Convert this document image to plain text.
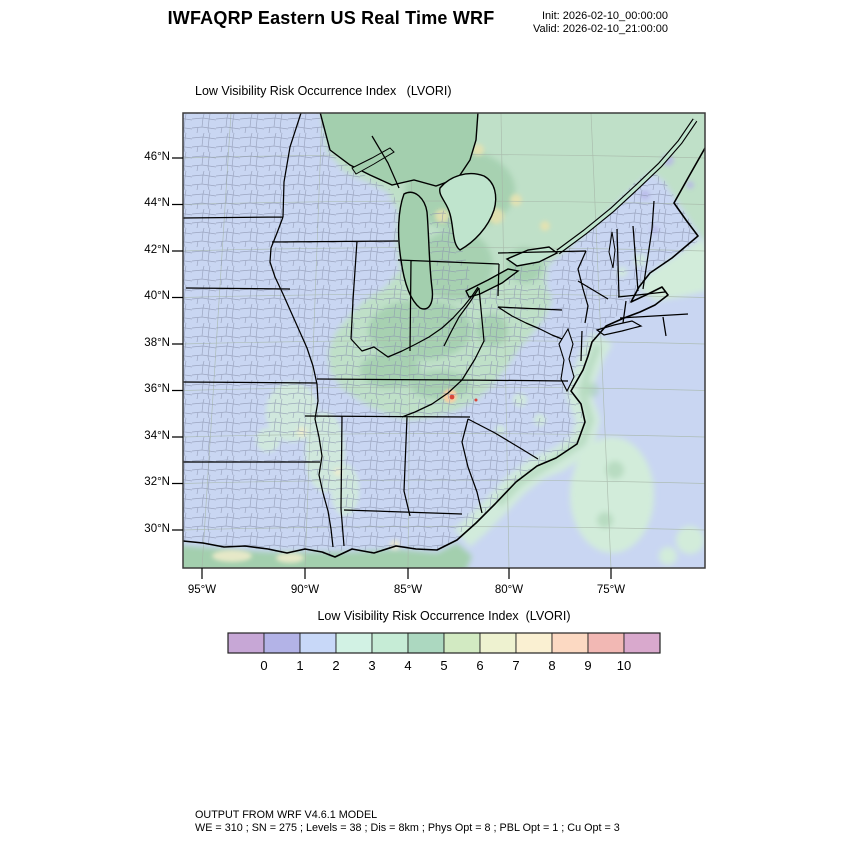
IWFAQRP Eastern US Real Time WRF	Init: 2026-02-10_00:00:00
Valid: 2026-02-10_21:00:00
Low Visibility Risk Occurrence Index   (LVORI)
46°N
44°N
42°N
40°N
38°N
36°N
34°N
32°N
30°N
95°W	90°W	85°W	80°W	75°W
Low Visibility Risk Occurrence Index  (LVORI)
0	1	2	3	4	5	6	7	8	9	10
OUTPUT FROM WRF V4.6.1 MODEL
WE = 310 ; SN = 275 ; Levels = 38 ; Dis = 8km ; Phys Opt = 8 ; PBL Opt = 1 ; Cu Opt = 3
